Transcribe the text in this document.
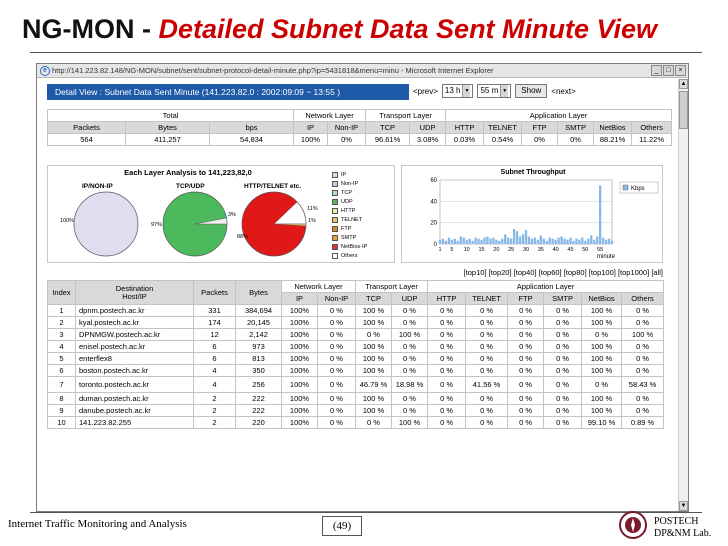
NG-MON - Detailed Subnet Data Sent Minute View
e http://141.223.82.148/NG-MON/subnet/sent/subnet-protocol-detail-minute.php?ip=5431818&menu=minu - Microsoft Internet Explorer	_	□	×
Detail View : Subnet Data Sent Minute (141.223.82.0 : 2002:09:09 ~ 13:55 )	<prev> 13 h ▼ 55 m ▼	Show	<next>
Total			Network Layer		Transport Layer		Application Layer					
Packets	Bytes	bps	IP	Non-IP	TCP	UDP	HTTP	TELNET	FTP	SMTP	NetBios	Others
564	411,257	54,834	100%	0%	96.61%	3.08%	0.03%	0.54%	0%	0%	88.21%	11.22%
Each Layer Analysis to 141,223,82,0
IP/NON-IP	TCP/UDP	HTTP/TELNET etc.
100%
97%
3%
11%
1%
88%
IP
Non-IP
TCP
UDP
HTTP
TELNET
FTP
SMTP
NetBios-IP
Others
Subnet Throughput
0
20
40
60
1 5 10 15 20 25 30 35 40 45 50 55
minute
Kbps
[top10] [top20] [top40] [top60] [top80] [top100] [top1000] [all]
Index	Destination
Host/IP	Packets	Bytes	Network Layer		Transport Layer		Application Layer					
				IP	Non-IP	TCP	UDP	HTTP	TELNET	FTP	SMTP	NetBios	Others
1	dpnm.postech.ac.kr	331	384,694	100%	0 %	100 %	0 %	0 %	0 %	0 %	0 %	100 %	0 %
2	kyal.postech.ac.kr	174	20,145	100%	0 %	100 %	0 %	0 %	0 %	0 %	0 %	100 %	0 %
3	DPNMGW.postech.ac.kr	12	2,142	100%	0 %	0 %	100 %	0 %	0 %	0 %	0 %	0 %	100 %
4	enisel.postech.ac.kr	6	973	100%	0 %	100 %	0 %	0 %	0 %	0 %	0 %	100 %	0 %
5	enterflex8	6	813	100%	0 %	100 %	0 %	0 %	0 %	0 %	0 %	100 %	0 %
6	boston.postech.ac.kr	4	350	100%	0 %	100 %	0 %	0 %	0 %	0 %	0 %	100 %	0 %
7	toronto.postech.ac.kr	4	256	100%	0 %	46.79 %	18.98 %	0 %	41.56 %	0 %	0 %	0 %	58.43 %
8	duman.postech.ac.kr	2	222	100%	0 %	100 %	0 %	0 %	0 %	0 %	0 %	100 %	0 %
9	danube.postech.ac.kr	2	222	100%	0 %	100 %	0 %	0 %	0 %	0 %	0 %	100 %	0 %
10	141.223.82.255	2	220	100%	0 %	0 %	100 %	0 %	0 %	0 %	0 %	99.10 %	0.89 %
▲
▼
Internet Traffic Monitoring and Analysis	(49)	POSTECH
DP&NM Lab.
